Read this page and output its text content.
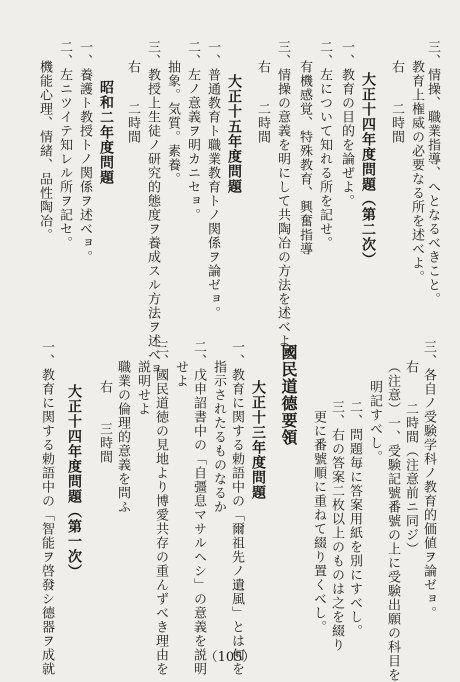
三、情操、職業指導、へとなるべきこと。
教育上権威の必要なる所を述べよ。
右　　二時間
大正十四年度問題（第二次）
一、教育の目的を論ぜよ。
二、左について知れる所を記せ。
有機感覚、特殊教育、興奮指導
三、情操の意義を明にして共陶冶の方法を述べよ。
右　　二時間
大正十五年度問題
一、普通教育ト職業教育トノ関係ヲ論ゼョ。
二、左ノ意義ヲ明カニセョ。
抽象。気質。素養。
三、教授上生徒ノ研究的態度ヲ養成スル方法ヲ述べョ
右　　二時間
昭和二年度問題
一、養護ト教授トノ関係ヲ述べョ。
二、左ニツイテ知レル所ヲ記セ。
機能心理、情緒、品性陶冶。
三、各自ノ受験学科ノ教育的価値ヲ論ゼョ。
右　　二時間（注意前ニ同ジ）
（注意）一、受験記號番號の上に受験出願の科目を
明記すべし。
二、問題毎に答案用紙を別にすべし。
三、右の答案二枚以上のものは之を綴り
更に番號順に重ねて綴り置くべし。
國民道德要領
大正十三年度問題
一、教育に関する勅語中の「爾祖先ノ遺風」とは何を
指示されたるものなるか
二、戊申詔書中の「自彊息マサルヘシ」の意義を説明
せよ
三、國民道徳の見地より博愛共存の重んずべき理由を
説明せよ
職業の倫理的意義を問ふ
右　　三時間
大正十四年度問題（第一次）
一、教育に関する勅語中の「智能ヲ啓發シ德器ヲ成就	（105）
